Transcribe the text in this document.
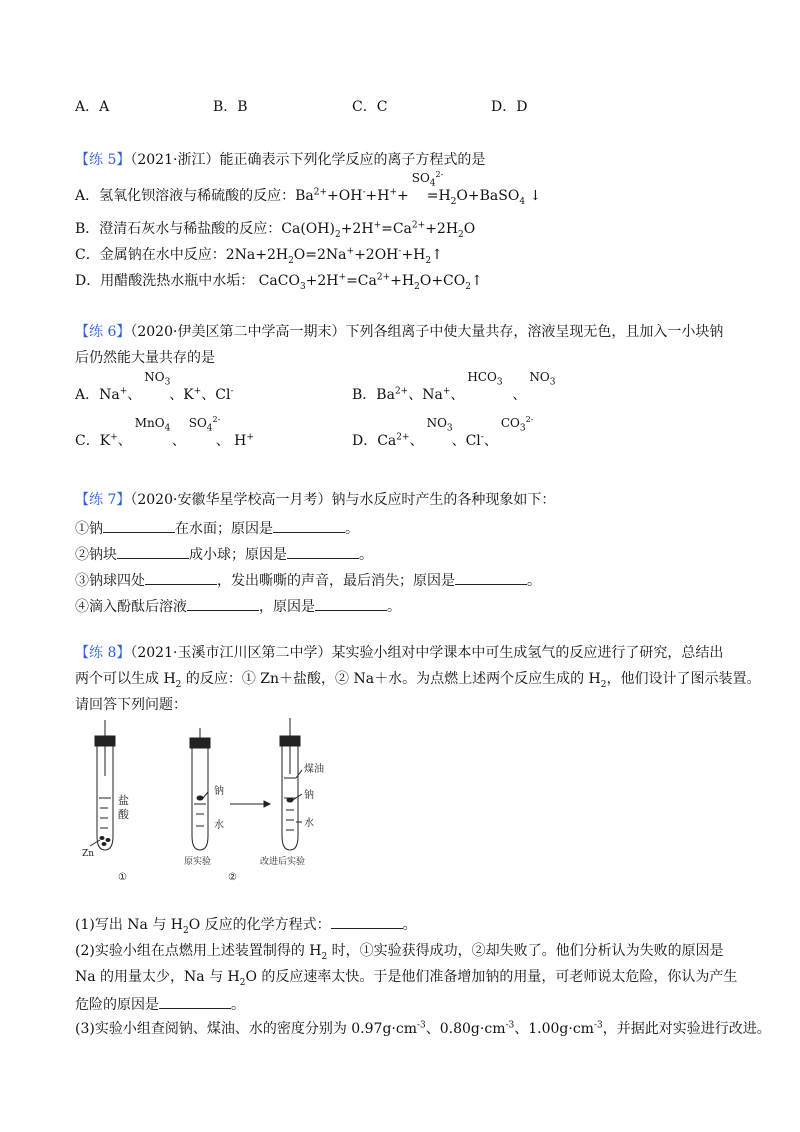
A．A	B．B	C．C	D．D
【练 5】（2021·浙江）能正确表示下列化学反应的离子方程式的是
A．氢氧化钡溶液与稀硫酸的反应：$Ba^{2+}+OH^-+H^++$
$SO_4^{2-}$
$=H_2O+BaSO_4$ ↓
B．澄清石灰水与稀盐酸的反应：$Ca(OH)_2+2H^+=Ca^{2+}+2H_2O$
C．金属钠在水中反应：$2Na+2H_2O=2Na^++2OH^-+H_2↑$
D．用醋酸洗热水瓶中水垢： $CaCO_3+2H^+=Ca^{2+}+H_2O+CO_2↑$
【练 6】（2020·伊美区第二中学高一期末）下列各组离子中使大量共存，溶液呈现无色，且加入一小块钠
后仍然能大量共存的是
A．Na+、
$NO_3$
、K+、Cl-	B．$Ba^{2+}$、Na+、
$HCO_3$
、
$NO_3$
C．K+、
MnO$_4$
、
$SO_4^{2-}$
、 H+	D．$Ca^{2+}$、
$NO_3$
、Cl-、
$CO_3^{2-}$
【练 7】（2020·安徽华星学校高一月考）钠与水反应时产生的各种现象如下：
①钠	在水面；原因是	。
②钠块	成小球；原因是	。
③钠球四处	，发出嘶嘶的声音，最后消失；原因是	。
④滴入酚酞后溶液	，原因是	。
【练 8】（2021·玉溪市江川区第二中学）某实验小组对中学课本中可生成氢气的反应进行了研究，总结出
两个可以生成 $H_2$ 的反应：① Zn＋盐酸，② Na＋水。为点燃上述两个反应生成的 $H_2$，他们设计了图示装置。
请回答下列问题：
盐
酸
Zn
①
钠
水
原实验
②
煤油
钠
水
改进后实验
(1)写出 Na 与 $H_2O$ 反应的化学方程式：	。
(2)实验小组在点燃用上述装置制得的 $H_2$ 时，①实验获得成功，②却失败了。他们分析认为失败的原因是
Na 的用量太少，Na 与 $H_2O$ 的反应速率太快。于是他们准备增加钠的用量，可老师说太危险，你认为产生
危险的原因是	。
(3)实验小组查阅钠、煤油、水的密度分别为 $0.97g\cdot cm^{-3}$、$0.80g\cdot cm^{-3}$、$1.00g\cdot cm^{-3}$，并据此对实验进行改进。
